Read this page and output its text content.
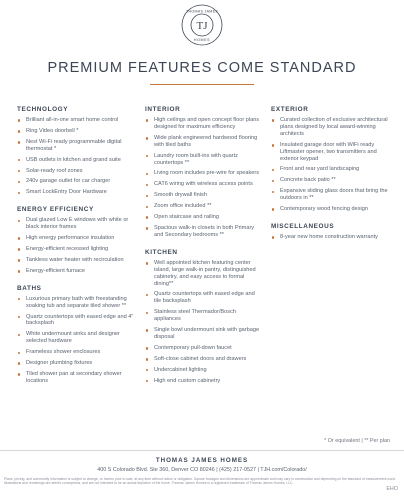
TJ
THOMAS JAMES
HOMES
PREMIUM FEATURES COME STANDARD
TECHNOLOGY
Brilliant all-in-one smart home control
Ring Video doorbell *
Nest Wi-Fi ready programmable digital thermostat *
USB outlets in kitchen and grand suite
Solar-ready roof zones
240v garage outlet for car charger
Smart LockEntry Door Hardware
ENERGY EFFICIENCY
Dual glazed Low E windows with white or black interior frames
High energy performance insulation
Energy-efficient recessed lighting
Tankless water heater with recirculation
Energy-efficient furnace
BATHS
Luxurious primary bath with freestanding soaking tub and separate tiled shower **
Quartz countertops with eased edge and 4" backsplash
White undermount sinks and designer selected hardware
Frameless shower enclosures
Designer plumbing fixtures
Tiled shower pan at secondary shower locations
INTERIOR
High ceilings and open concept floor plans designed for maximum efficiency
Wide plank engineered hardwood flooring with tiled baths
Laundry room built-ins with quartz countertops **
Living room includes pre-wire for speakers
CAT6 wiring with wireless access points
Smooth drywall finish
Zoom office included **
Open staircase and railing
Spacious walk-in closets in both Primary and Secondary bedrooms **
KITCHEN
Well appointed kitchen featuring center island, large walk-in pantry, distinguished cabinetry, and easy access to formal dining**
Quartz countertops with eased edge and tile backsplash
Stainless steel Thermador/Bosch appliances
Single bowl undermount sink with garbage disposal
Contemporary pull-down faucet
Soft-close cabinet doors and drawers
Undercabinet lighting
High end custom cabinetry
EXTERIOR
Curated collection of exclusive architectural plans designed by local award-winning architects
Insulated garage door with WiFi ready Liftmaster opener, two transmitters and exterior keypad
Front and rear yard landscaping
Concrete back patio **
Expansive sliding glass doors that bring the outdoors in **
Contemporary wood fencing design
MISCELLANEOUS
8-year new home construction warranty
* Or equivalent | ** Per plan
THOMAS JAMES HOMES
400 S Colorado Blvd. Ste 360, Denver CO 80246 | (425) 217-0527 | TJH.com/Colorado/
Plans, pricing, and community information is subject to change, or homes prior to sale, at any time without notice or obligation. Square footages and dimensions are approximate and may vary in construction and depending on the standard of measurement used. Illustrations and renderings are artist's conceptions, and are not intended to be an actual depiction of the home. Thomas James Homes is a registered trademark of Thomas James Homes, LLC.
EHO
